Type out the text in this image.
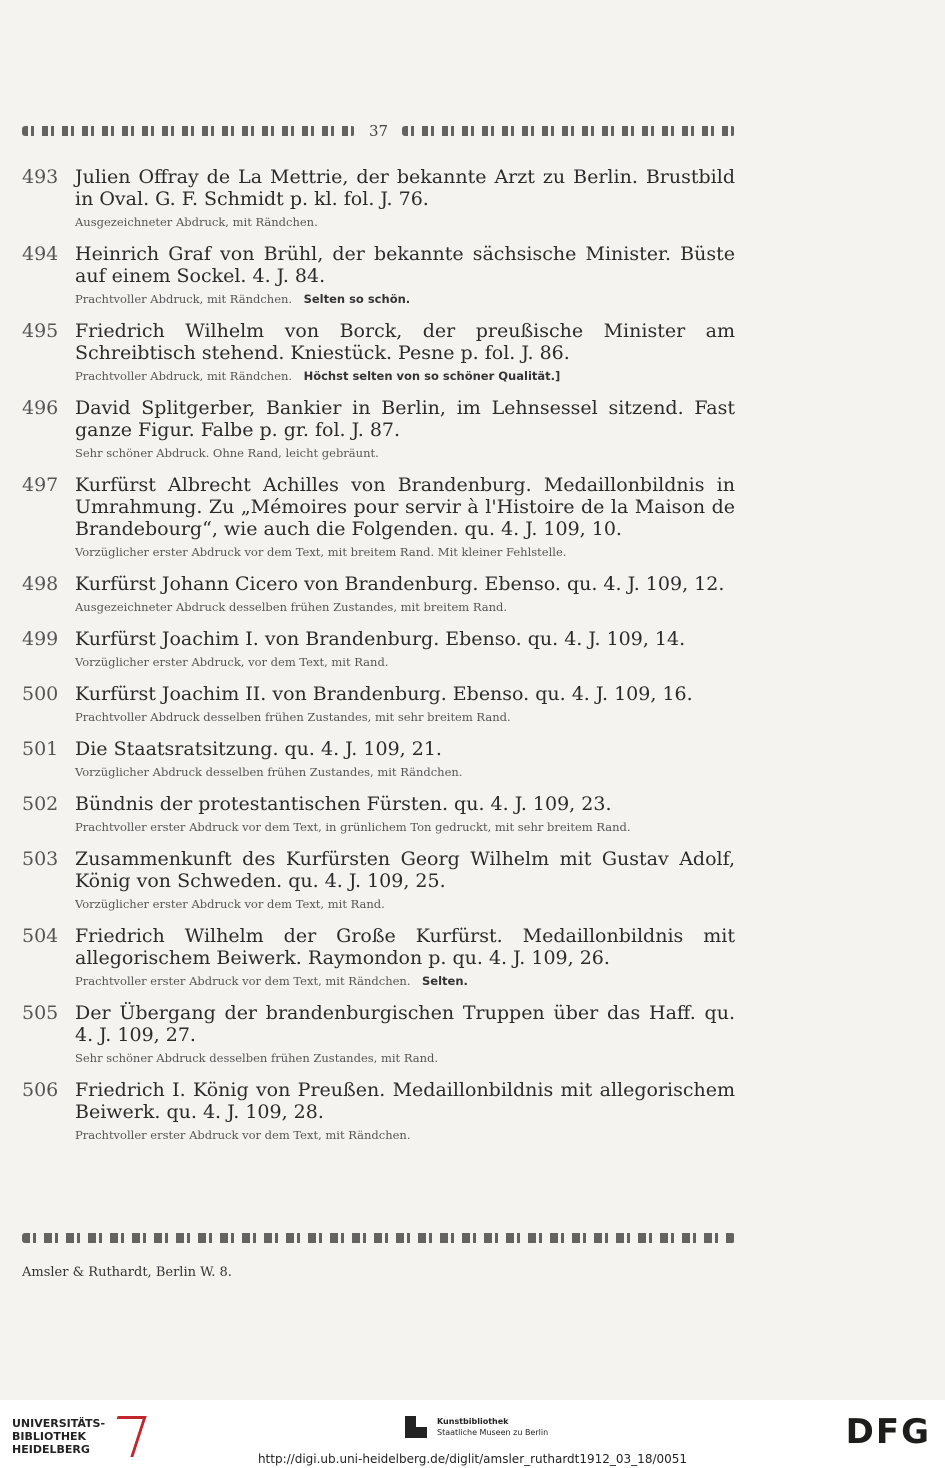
37
493 Julien Offray de La Mettrie, der bekannte Arzt zu Berlin. Brustbild in Oval. G. F. Schmidt p. kl. fol. J. 76.
Ausgezeichneter Abdruck, mit Rändchen.
494 Heinrich Graf von Brühl, der bekannte sächsische Minister. Büste auf einem Sockel. 4. J. 84.
Prachtvoller Abdruck, mit Rändchen.  Selten so schön.
495 Friedrich Wilhelm von Borck, der preußische Minister am Schreibtisch stehend. Kniestück. Pesne p. fol. J. 86.
Prachtvoller Abdruck, mit Rändchen.  Höchst selten von so schöner Qualität.]
496 David Splitgerber, Bankier in Berlin, im Lehnsessel sitzend. Fast ganze Figur. Falbe p. gr. fol. J. 87.
Sehr schöner Abdruck. Ohne Rand, leicht gebräunt.
497 Kurfürst Albrecht Achilles von Brandenburg. Medaillonbildnis in Umrahmung. Zu „Mémoires pour servir à l'Histoire de la Maison de Brandebourg“, wie auch die Folgenden. qu. 4. J. 109, 10.
Vorzüglicher erster Abdruck vor dem Text, mit breitem Rand. Mit kleiner Fehlstelle.
498 Kurfürst Johann Cicero von Brandenburg. Ebenso. qu. 4. J. 109, 12.
Ausgezeichneter Abdruck desselben frühen Zustandes, mit breitem Rand.
499 Kurfürst Joachim I. von Brandenburg. Ebenso. qu. 4. J. 109, 14.
Vorzüglicher erster Abdruck, vor dem Text, mit Rand.
500 Kurfürst Joachim II. von Brandenburg. Ebenso. qu. 4. J. 109, 16.
Prachtvoller Abdruck desselben frühen Zustandes, mit sehr breitem Rand.
501 Die Staatsratsitzung. qu. 4. J. 109, 21.
Vorzüglicher Abdruck desselben frühen Zustandes, mit Rändchen.
502 Bündnis der protestantischen Fürsten. qu. 4. J. 109, 23.
Prachtvoller erster Abdruck vor dem Text, in grünlichem Ton gedruckt, mit sehr breitem Rand.
503 Zusammenkunft des Kurfürsten Georg Wilhelm mit Gustav Adolf, König von Schweden. qu. 4. J. 109, 25.
Vorzüglicher erster Abdruck vor dem Text, mit Rand.
504 Friedrich Wilhelm der Große Kurfürst. Medaillonbildnis mit allegorischem Beiwerk. Raymondon p. qu. 4. J. 109, 26.
Prachtvoller erster Abdruck vor dem Text, mit Rändchen.  Selten.
505 Der Übergang der brandenburgischen Truppen über das Haff. qu. 4. J. 109, 27.
Sehr schöner Abdruck desselben frühen Zustandes, mit Rand.
506 Friedrich I. König von Preußen. Medaillonbildnis mit allegorischem Beiwerk. qu. 4. J. 109, 28.
Prachtvoller erster Abdruck vor dem Text, mit Rändchen.
Amsler & Ruthardt, Berlin W. 8.
UNIVERSITÄTS-
BIBLIOTHEK
HEIDELBERG
Kunstbibliothek
Staatliche Museen zu Berlin	DFG
http://digi.ub.uni-heidelberg.de/diglit/amsler_ruthardt1912_03_18/0051
